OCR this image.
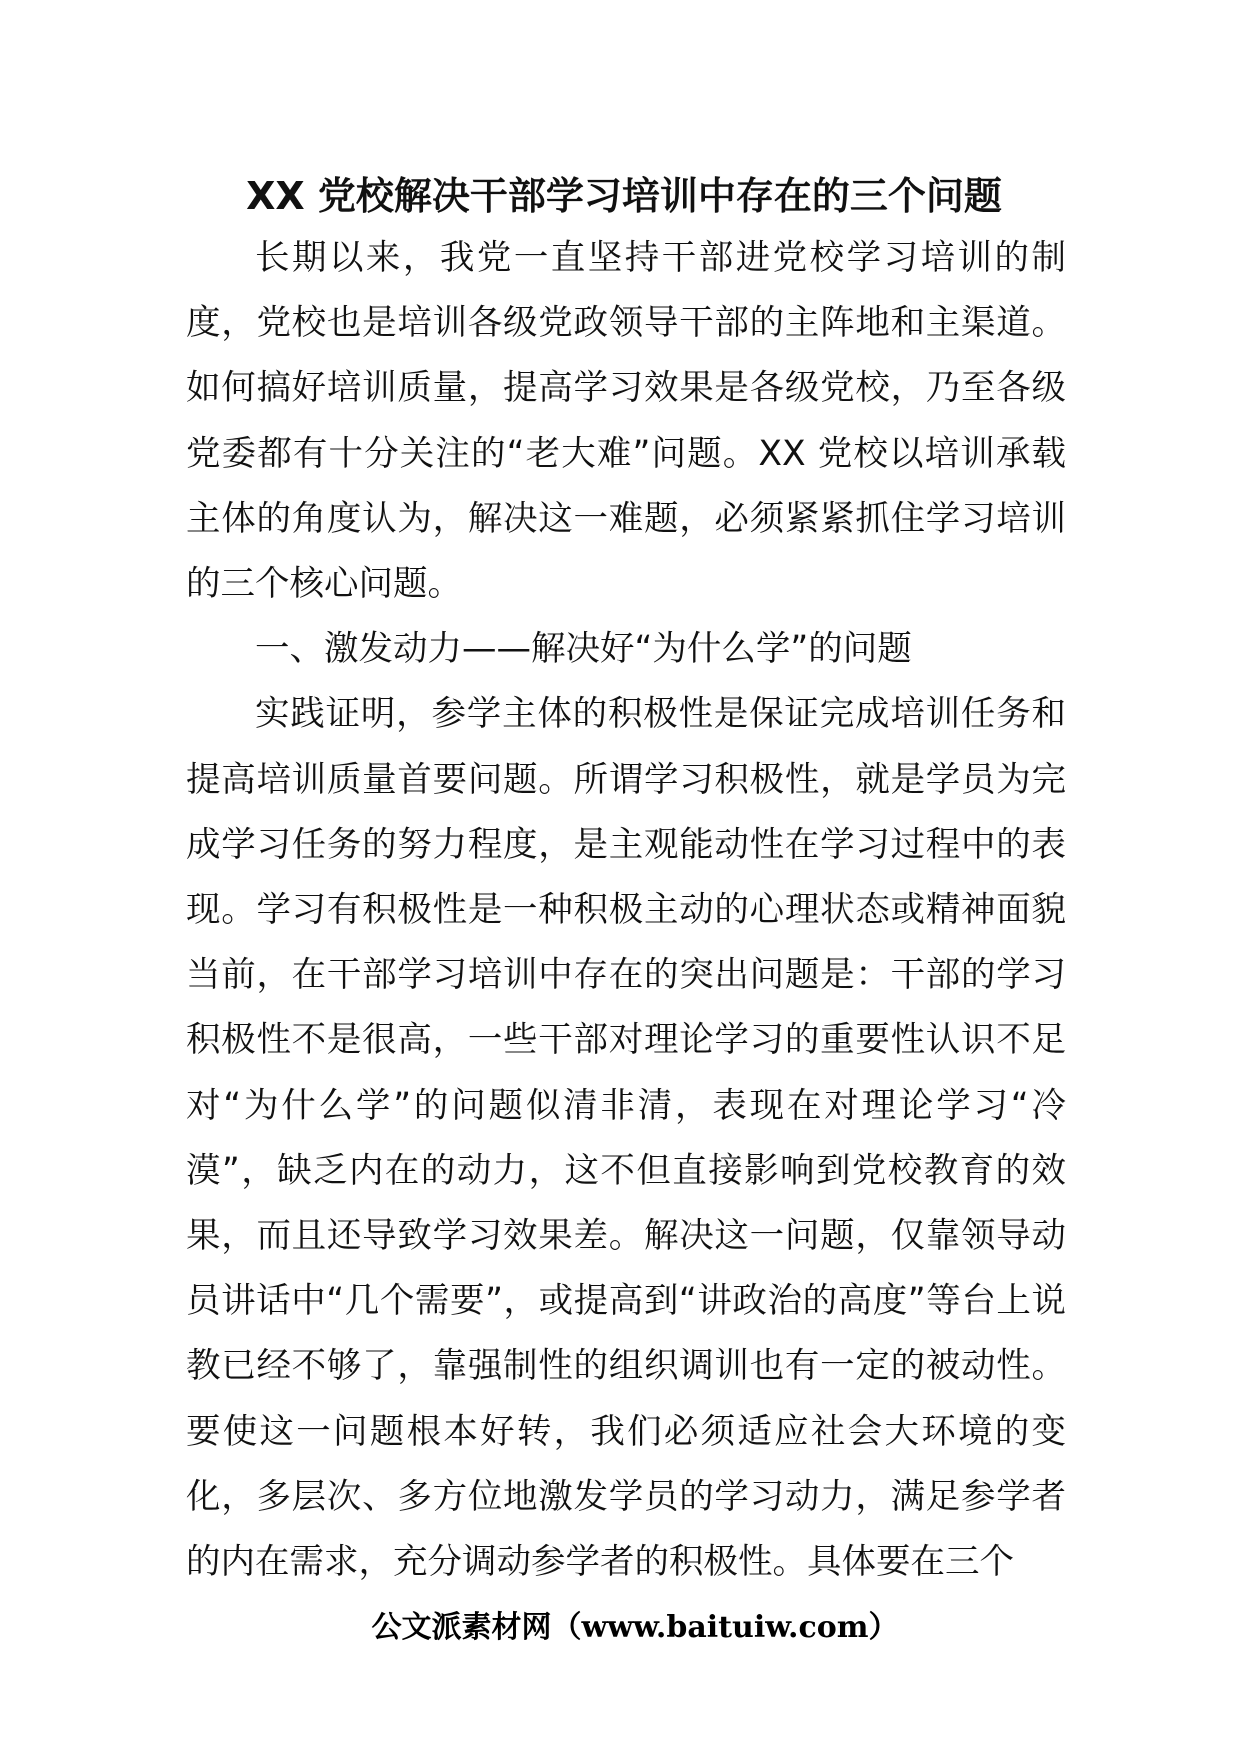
XX 党校解决干部学习培训中存在的三个问题

长期以来，我党一直坚持干部进党校学习培训的制度，党校也是培训各级党政领导干部的主阵地和主渠道。如何搞好培训质量，提高学习效果是各级党校，乃至各级党委都有十分关注的“老大难”问题。XX 党校以培训承载主体的角度认为，解决这一难题，必须紧紧抓住学习培训的三个核心问题。

一、激发动力——解决好“为什么学”的问题

实践证明，参学主体的积极性是保证完成培训任务和提高培训质量首要问题。所谓学习积极性，就是学员为完成学习任务的努力程度，是主观能动性在学习过程中的表现。学习有积极性是一种积极主动的心理状态或精神面貌当前，在干部学习培训中存在的突出问题是：干部的学习积极性不是很高，一些干部对理论学习的重要性认识不足对“为什么学”的问题似清非清，表现在对理论学习“冷漠”，缺乏内在的动力，这不但直接影响到党校教育的效果，而且还导致学习效果差。解决这一问题，仅靠领导动员讲话中“几个需要”，或提高到“讲政治的高度”等台上说教已经不够了，靠强制性的组织调训也有一定的被动性。要使这一问题根本好转，我们必须适应社会大环境的变化，多层次、多方位地激发学员的学习动力，满足参学者的内在需求，充分调动参学者的积极性。具体要在三个

公文派素材网（www.baituiw.com）
